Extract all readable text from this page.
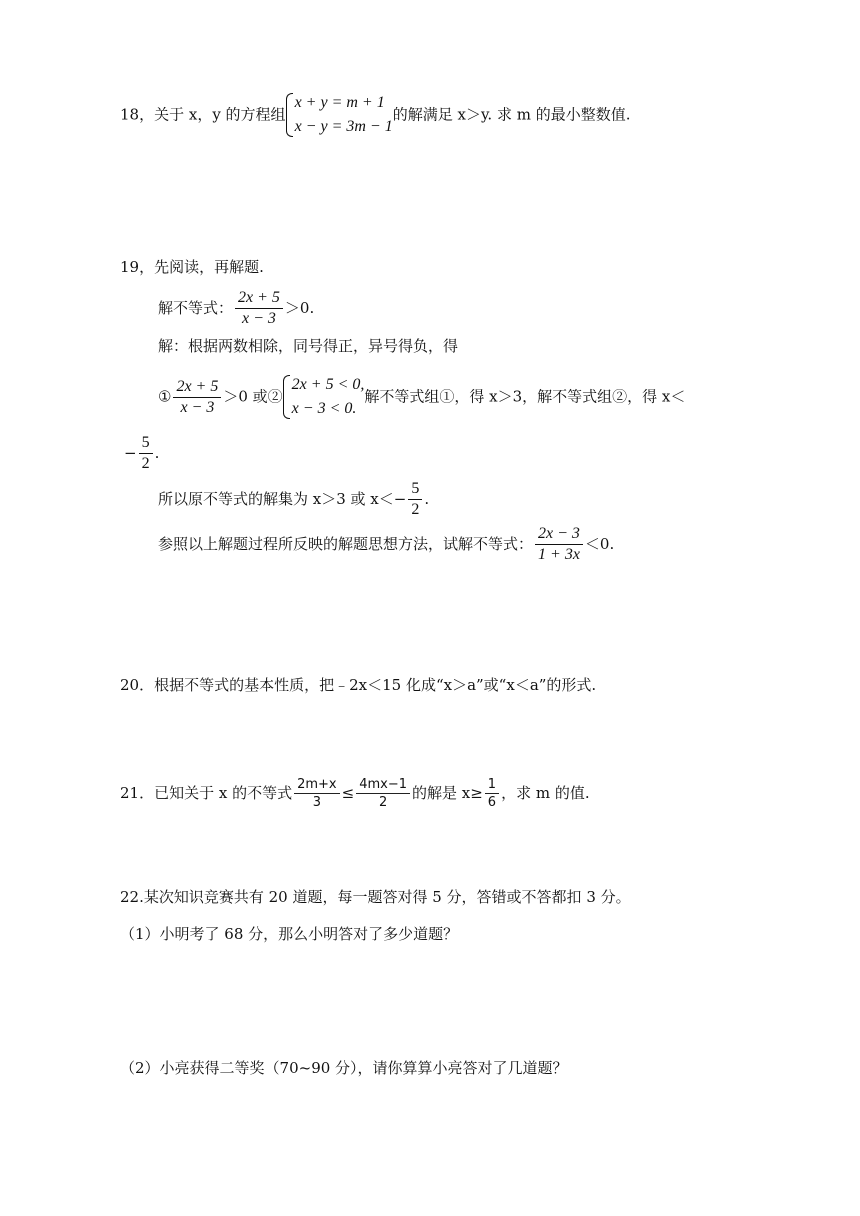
18，关于 x，y 的方程组
x + y = m + 1
x − y = 3m − 1
的解满足 x＞y. 求 m 的最小整数值.
19，先阅读，再解题.
解不等式： $\frac{2x + 5}{x - 3} >0$.
解：根据两数相除，同号得正，异号得负，得
① $\frac{2x + 5}{x - 3} >0$ 或②
2x + 5 < 0,
x − 3 < 0.
解不等式组①，得 x＞3，解不等式组②，得 x＜
− $\frac{5}{2}$ .
所以原不等式的解集为 x＞3 或 $x<- \frac{5}{2}$ .
参照以上解题过程所反映的解题思想方法，试解不等式： $\frac{2x - 3}{1 + 3x} <0$.
20．根据不等式的基本性质，把﹣2x＜15 化成“x＞a”或“x＜a”的形式.
21．已知关于 x 的不等式 $\frac{2m+x}{3} \le \frac{4mx-1}{2}$ 的解是 $x\ge \frac{1}{6}$ ，求 m 的值.
22.某次知识竞赛共有 20 道题，每一题答对得 5 分，答错或不答都扣 3 分。
（1）小明考了 68 分，那么小明答对了多少道题？
（2）小亮获得二等奖（70~90 分），请你算算小亮答对了几道题？
